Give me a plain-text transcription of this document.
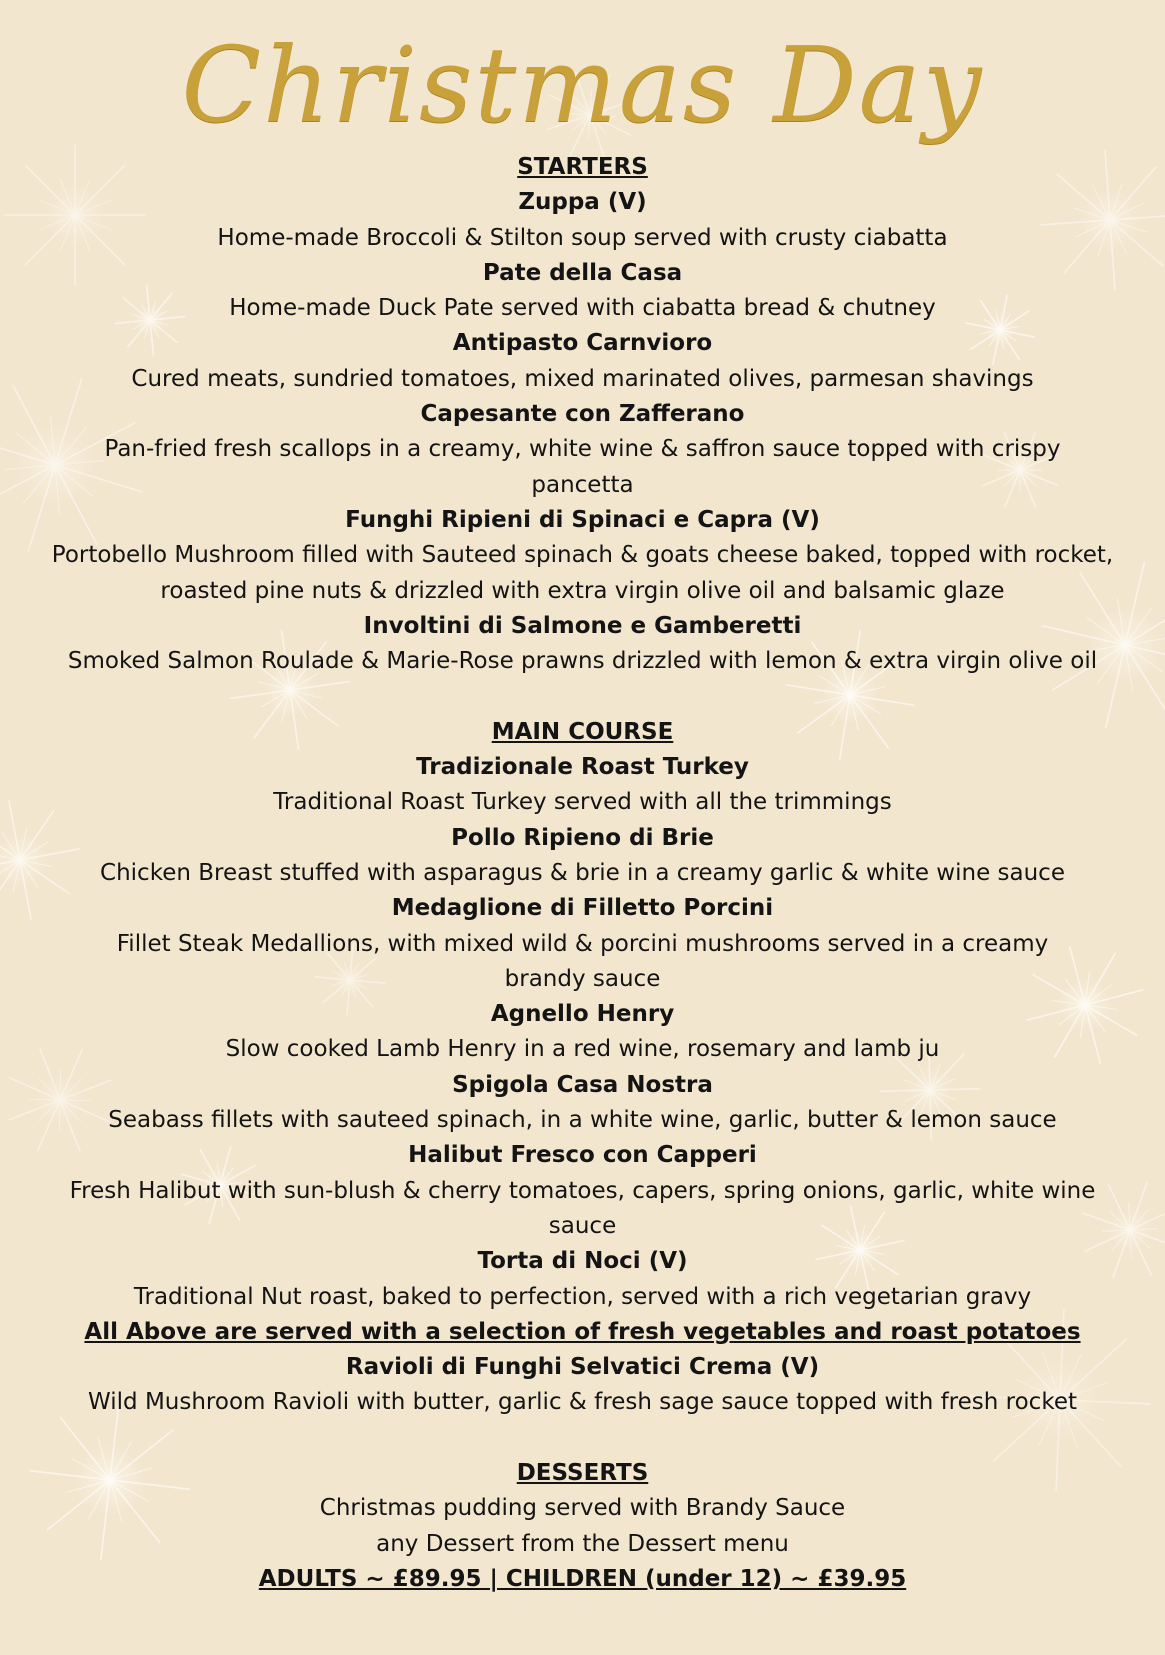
Christmas Day
STARTERS
Zuppa (V)
Home-made Broccoli & Stilton soup served with crusty ciabatta
Pate della Casa
Home-made Duck Pate served with ciabatta bread & chutney
Antipasto Carnvioro
Cured meats, sundried tomatoes, mixed marinated olives, parmesan shavings
Capesante con Zafferano
Pan-fried fresh scallops in a creamy, white wine & saffron sauce topped with crispy pancetta
Funghi Ripieni di Spinaci e Capra (V)
Portobello Mushroom filled with Sauteed spinach & goats cheese baked, topped with rocket, roasted pine nuts & drizzled with extra virgin olive oil and balsamic glaze
Involtini di Salmone e Gamberetti
Smoked Salmon Roulade & Marie-Rose prawns drizzled with lemon & extra virgin olive oil
MAIN COURSE
Tradizionale Roast Turkey
Traditional Roast Turkey served with all the trimmings
Pollo Ripieno di Brie
Chicken Breast stuffed with asparagus & brie in a creamy garlic & white wine sauce
Medaglione di Filletto Porcini
Fillet Steak Medallions, with mixed wild & porcini mushrooms served in a creamy brandy sauce
Agnello Henry
Slow cooked Lamb Henry in a red wine, rosemary and lamb ju
Spigola Casa Nostra
Seabass fillets with sauteed spinach, in a white wine, garlic, butter & lemon sauce
Halibut Fresco con Capperi
Fresh Halibut with sun-blush & cherry tomatoes, capers, spring onions, garlic, white wine sauce
Torta di Noci (V)
Traditional Nut roast, baked to perfection, served with a rich vegetarian gravy
All Above are served with a selection of fresh vegetables and roast potatoes
Ravioli di Funghi Selvatici Crema (V)
Wild Mushroom Ravioli with butter, garlic & fresh sage sauce topped with fresh rocket
DESSERTS
Christmas pudding served with Brandy Sauce
any Dessert from the Dessert menu
ADULTS ~ £89.95 | CHILDREN (under 12) ~ £39.95
